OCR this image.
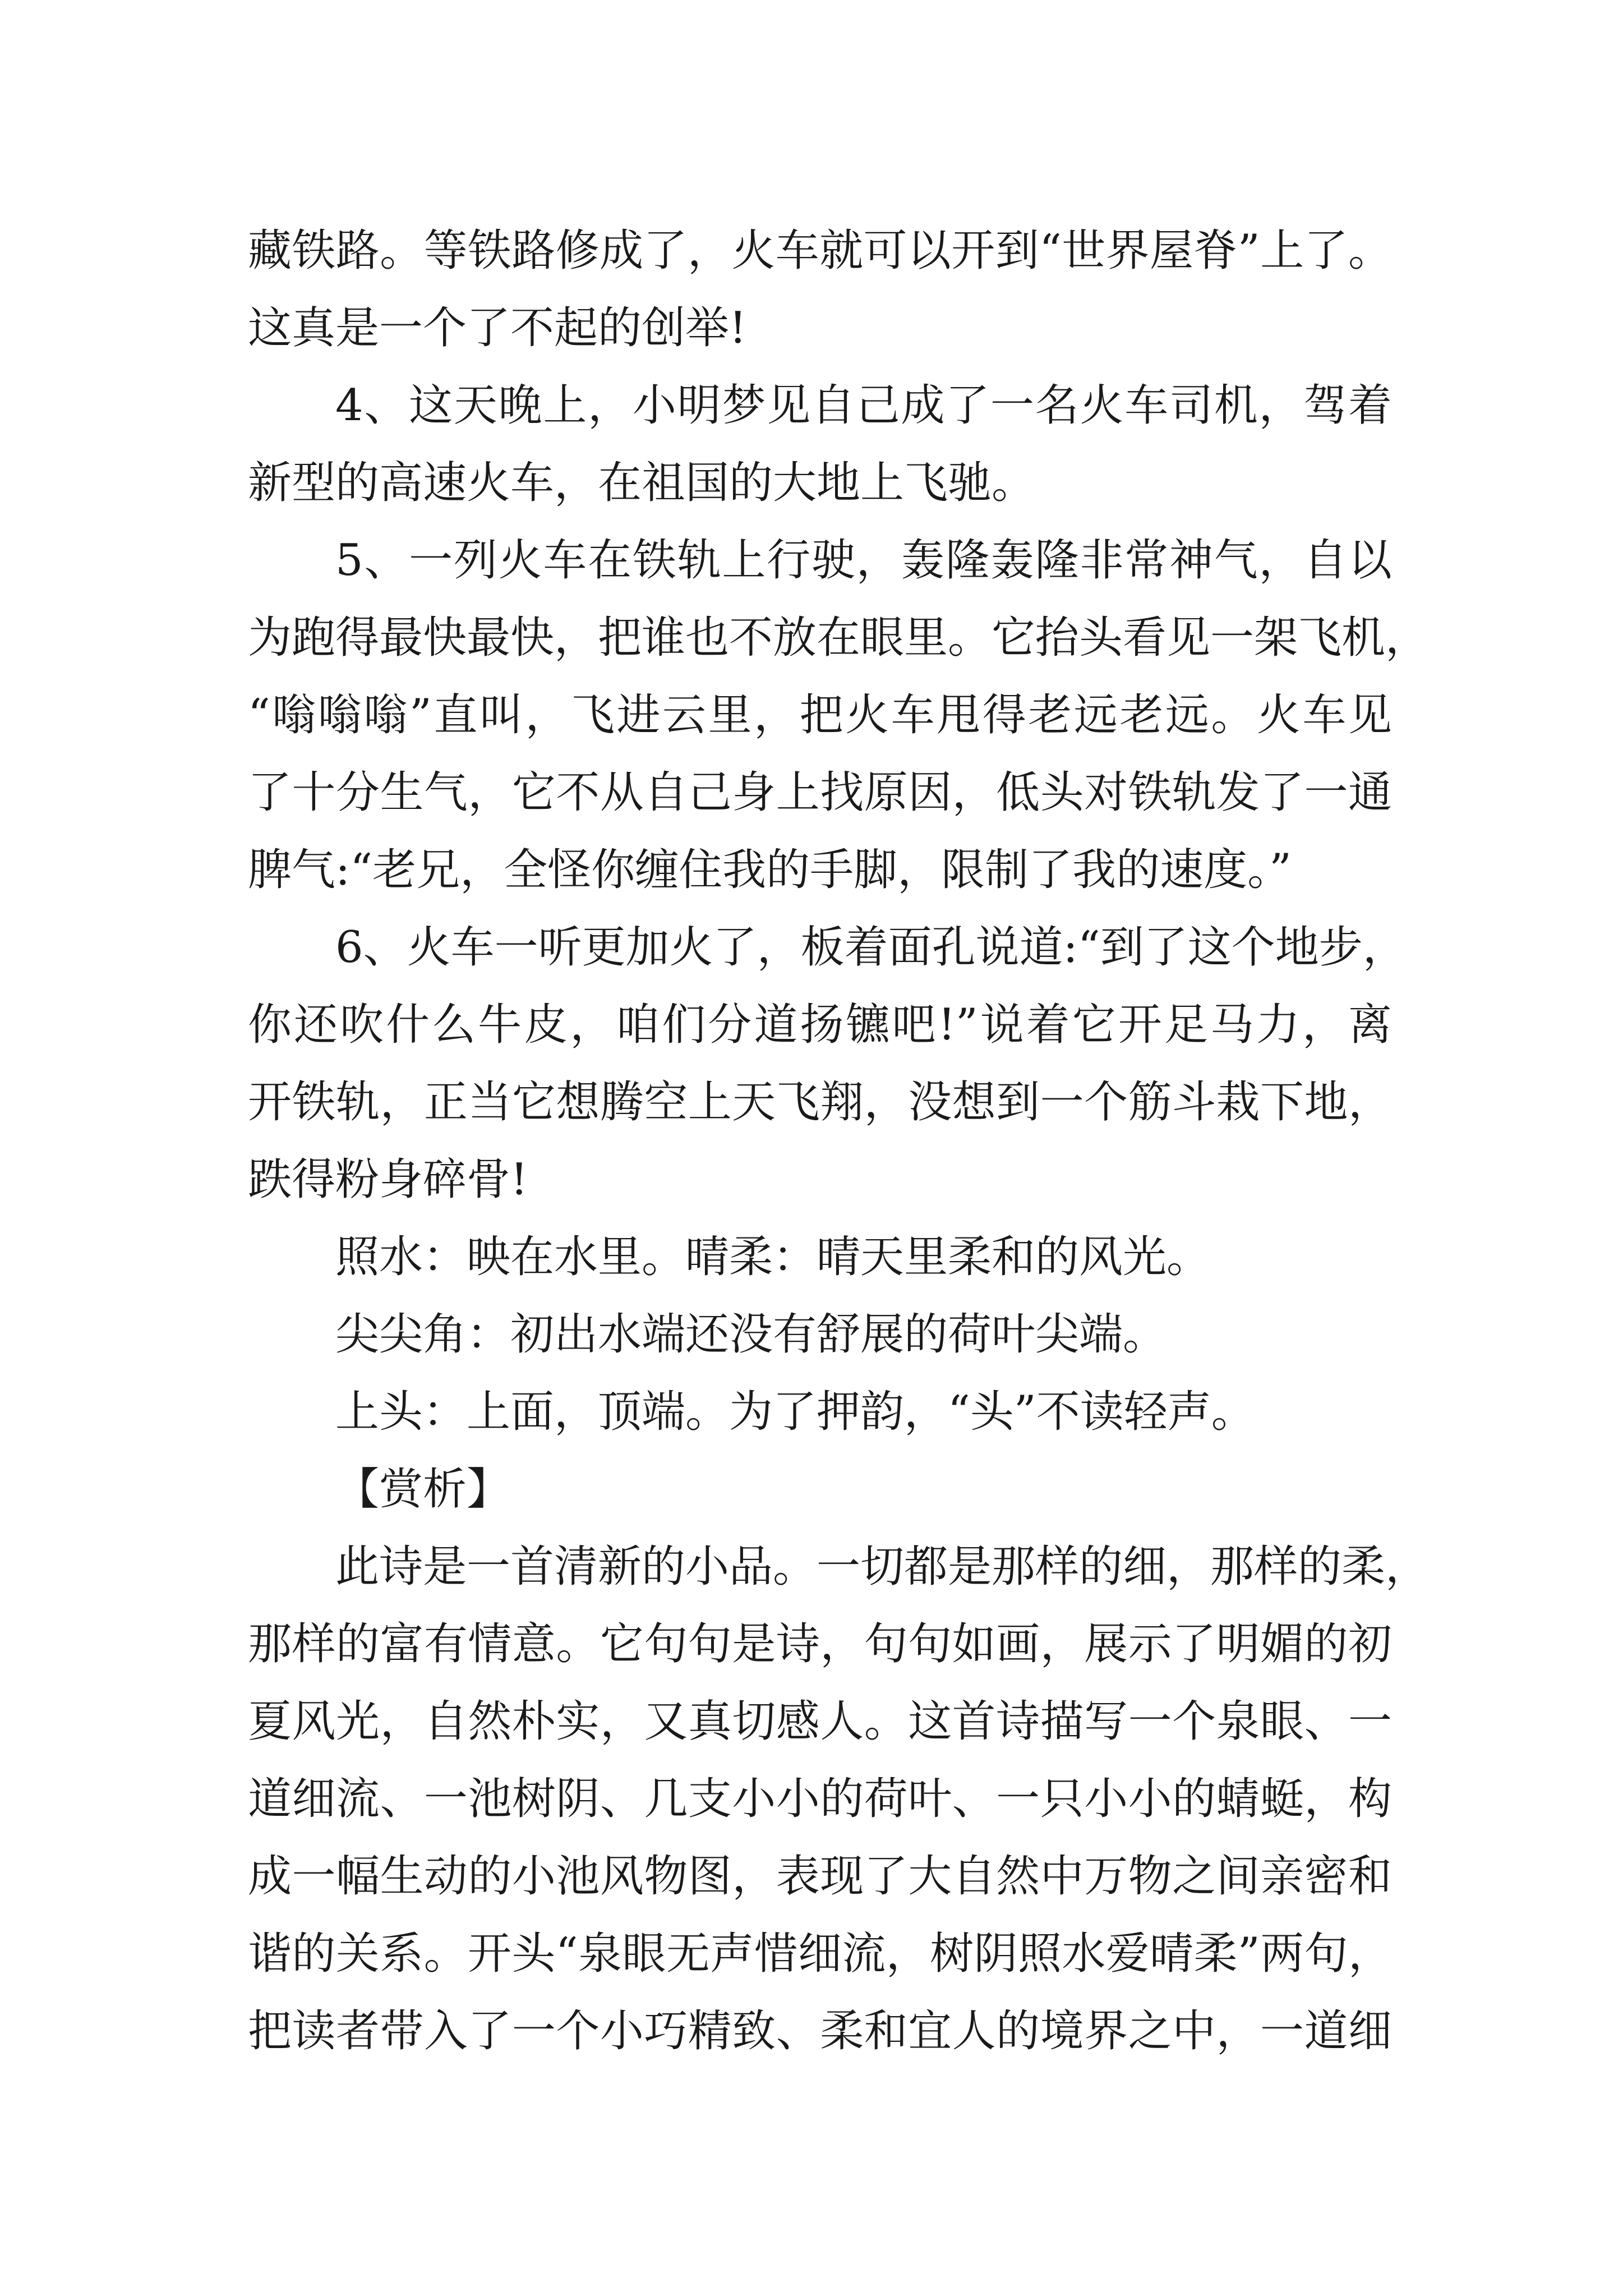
藏铁路。等铁路修成了，火车就可以开到“世界屋脊”上了。
这真是一个了不起的创举!
4、这天晚上，小明梦见自己成了一名火车司机，驾着
新型的高速火车，在祖国的大地上飞驰。
5、一列火车在铁轨上行驶，轰隆轰隆非常神气，自以
为跑得最快最快，把谁也不放在眼里。它抬头看见一架飞机，
“嗡嗡嗡”直叫，飞进云里，把火车甩得老远老远。火车见
了十分生气，它不从自己身上找原因，低头对铁轨发了一通
脾气:“老兄，全怪你缠住我的手脚，限制了我的速度。”
6、火车一听更加火了，板着面孔说道:“到了这个地步，
你还吹什么牛皮，咱们分道扬镳吧!”说着它开足马力，离
开铁轨，正当它想腾空上天飞翔，没想到一个筋斗栽下地，
跌得粉身碎骨!
照水：映在水里。晴柔：晴天里柔和的风光。
尖尖角：初出水端还没有舒展的荷叶尖端。
上头：上面，顶端。为了押韵，“头”不读轻声。
【赏析】
此诗是一首清新的小品。一切都是那样的细，那样的柔，
那样的富有情意。它句句是诗，句句如画，展示了明媚的初
夏风光，自然朴实，又真切感人。这首诗描写一个泉眼、一
道细流、一池树阴、几支小小的荷叶、一只小小的蜻蜓，构
成一幅生动的小池风物图，表现了大自然中万物之间亲密和
谐的关系。开头“泉眼无声惜细流，树阴照水爱晴柔”两句，
把读者带入了一个小巧精致、柔和宜人的境界之中，一道细
